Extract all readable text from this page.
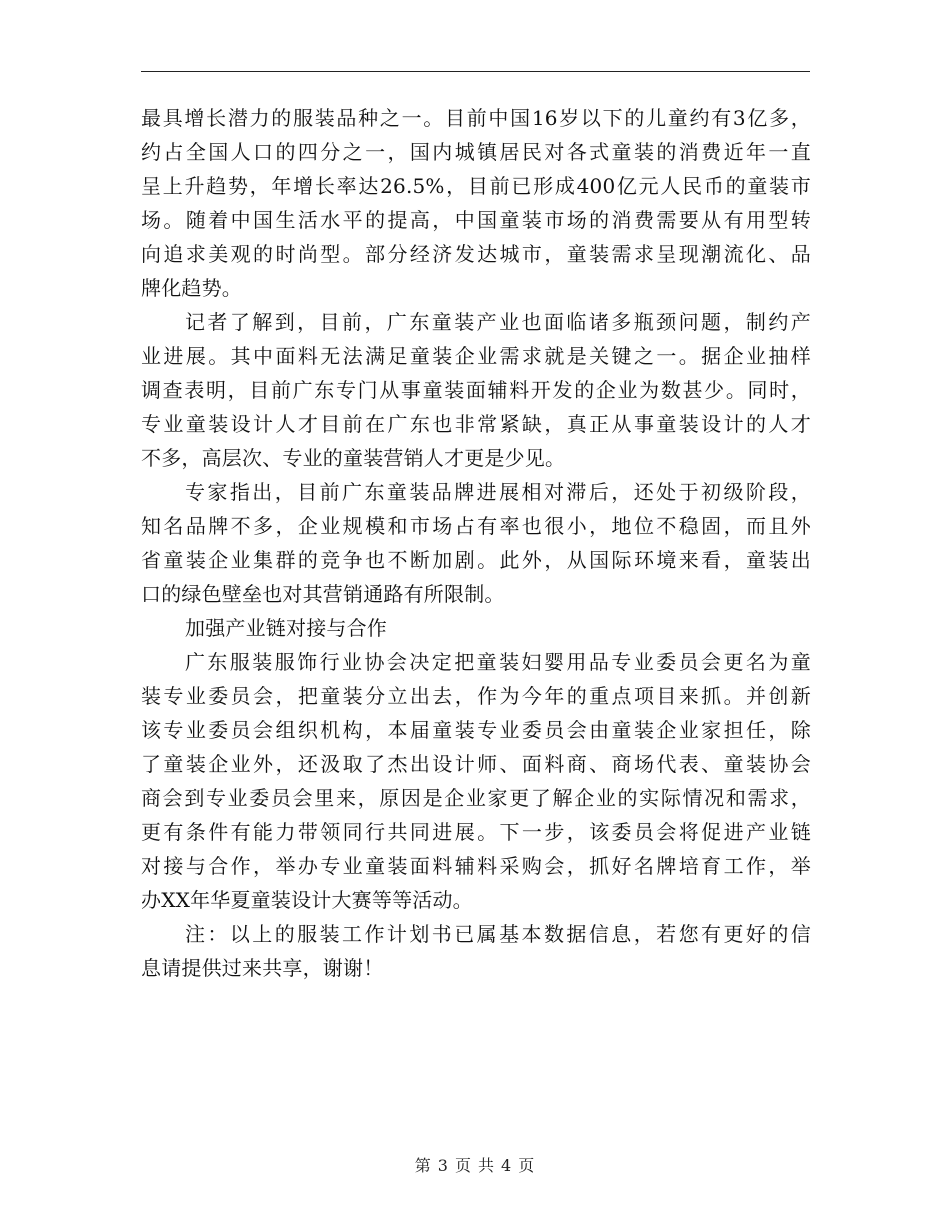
最具增长潜力的服装品种之一。目前中国16岁以下的儿童约有3亿多，
约占全国人口的四分之一，国内城镇居民对各式童装的消费近年一直
呈上升趋势，年增长率达26.5%，目前已形成400亿元人民币的童装市
场。随着中国生活水平的提高，中国童装市场的消费需要从有用型转
向追求美观的时尚型。部分经济发达城市，童装需求呈现潮流化、品
牌化趋势。
记者了解到，目前，广东童装产业也面临诸多瓶颈问题，制约产
业进展。其中面料无法满足童装企业需求就是关键之一。据企业抽样
调查表明，目前广东专门从事童装面辅料开发的企业为数甚少。同时，
专业童装设计人才目前在广东也非常紧缺，真正从事童装设计的人才
不多，高层次、专业的童装营销人才更是少见。
专家指出，目前广东童装品牌进展相对滞后，还处于初级阶段，
知名品牌不多，企业规模和市场占有率也很小，地位不稳固，而且外
省童装企业集群的竞争也不断加剧。此外，从国际环境来看，童装出
口的绿色壁垒也对其营销通路有所限制。
加强产业链对接与合作
广东服装服饰行业协会决定把童装妇婴用品专业委员会更名为童
装专业委员会，把童装分立出去，作为今年的重点项目来抓。并创新
该专业委员会组织机构，本届童装专业委员会由童装企业家担任，除
了童装企业外，还汲取了杰出设计师、面料商、商场代表、童装协会
商会到专业委员会里来，原因是企业家更了解企业的实际情况和需求，
更有条件有能力带领同行共同进展。下一步，该委员会将促进产业链
对接与合作，举办专业童装面料辅料采购会，抓好名牌培育工作，举
办XX年华夏童装设计大赛等等活动。
注：以上的服装工作计划书已属基本数据信息，若您有更好的信
息请提供过来共享，谢谢！
第 3 页 共 4 页
